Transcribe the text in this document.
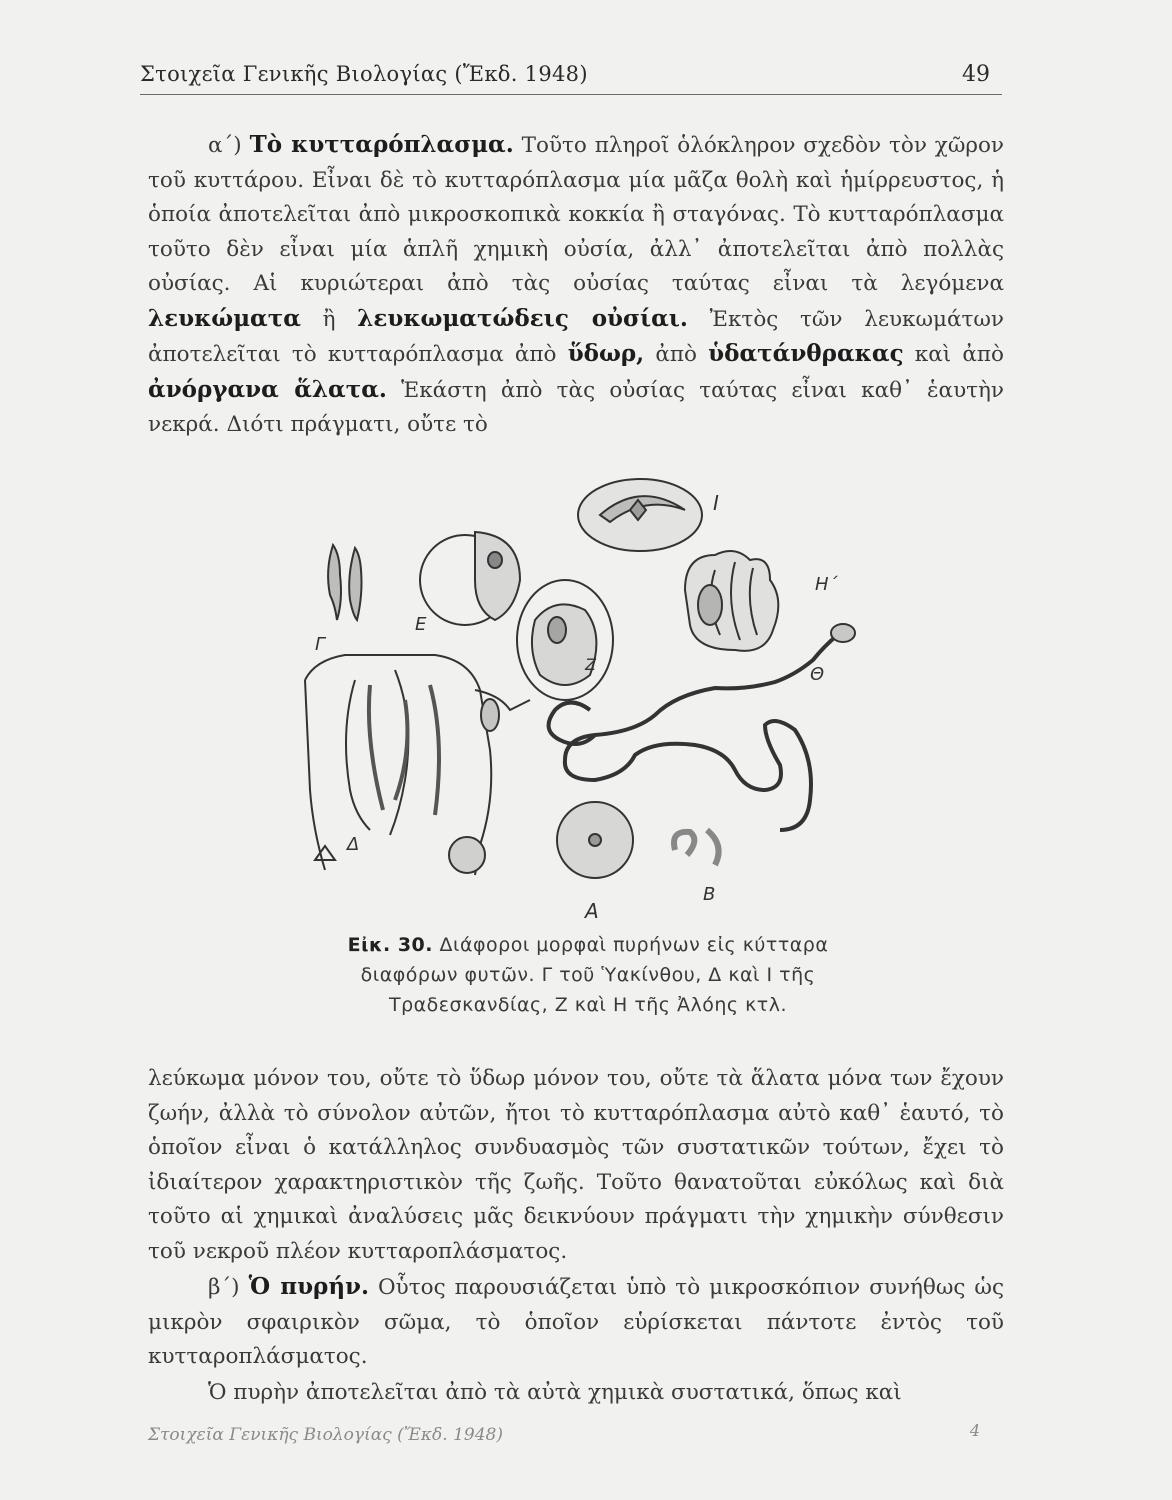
Στοιχεῖα Γενικῆς Βιολογίας (Ἔκδ. 1948)	49
α΄) Τὸ κυτταρόπλασμα. Τοῦτο πληροῖ ὁλόκληρον σχεδὸν τὸν χῶρον τοῦ κυττάρου. Εἶναι δὲ τὸ κυτταρόπλασμα μία μᾶζα θολὴ καὶ ἡμίρρευστος, ἡ ὁποία ἀποτελεῖται ἀπὸ μικροσκοπικὰ κοκκία ἢ σταγόνας. Τὸ κυτταρόπλασμα τοῦτο δὲν εἶναι μία ἁπλῆ χημικὴ οὐσία, ἀλλ᾽ ἀποτελεῖται ἀπὸ πολλὰς οὐσίας. Αἱ κυριώτεραι ἀπὸ τὰς οὐσίας ταύτας εἶναι τὰ λεγόμενα λευκώματα ἢ λευκωματώδεις οὐσίαι. Ἐκτὸς τῶν λευκωμάτων ἀποτελεῖται τὸ κυτταρόπλασμα ἀπὸ ὕδωρ, ἀπὸ ὑδατάνθρακας καὶ ἀπὸ ἀνόργανα ἅλατα. Ἑκάστη ἀπὸ τὰς οὐσίας ταύτας εἶναι καθ᾽ ἑαυτὴν νεκρά. Διότι πράγματι, οὔτε τὸ
Ι
Η΄
Θ
Ε
Ζ
Γ
Δ
Α
Β
Εἰκ. 30. Διάφοροι μορφαὶ πυρήνων εἰς κύτταρα διαφόρων φυτῶν. Γ τοῦ Ὑακίνθου, Δ καὶ Ι τῆς Τραδεσκανδίας, Ζ καὶ Η τῆς Ἀλόης κτλ.
λεύκωμα μόνον του, οὔτε τὸ ὕδωρ μόνον του, οὔτε τὰ ἅλατα μόνα των ἔχουν ζωήν, ἀλλὰ τὸ σύνολον αὐτῶν, ἤτοι τὸ κυτταρόπλασμα αὐτὸ καθ᾽ ἑαυτό, τὸ ὁποῖον εἶναι ὁ κατάλληλος συνδυασμὸς τῶν συστατικῶν τούτων, ἔχει τὸ ἰδιαίτερον χαρακτηριστικὸν τῆς ζωῆς. Τοῦτο θανατοῦται εὐκόλως καὶ διὰ τοῦτο αἱ χημικαὶ ἀναλύσεις μᾶς δεικνύουν πράγματι τὴν χημικὴν σύνθεσιν τοῦ νεκροῦ πλέον κυτταροπλάσματος.
β΄) Ὁ πυρήν. Οὗτος παρουσιάζεται ὑπὸ τὸ μικροσκόπιον συνήθως ὡς μικρὸν σφαιρικὸν σῶμα, τὸ ὁποῖον εὑρίσκεται πάντοτε ἐντὸς τοῦ κυτταροπλάσματος.
Ὁ πυρὴν ἀποτελεῖται ἀπὸ τὰ αὐτὰ χημικὰ συστατικά, ὅπως καὶ
Στοιχεῖα Γενικῆς Βιολογίας (Ἔκδ. 1948)	4
